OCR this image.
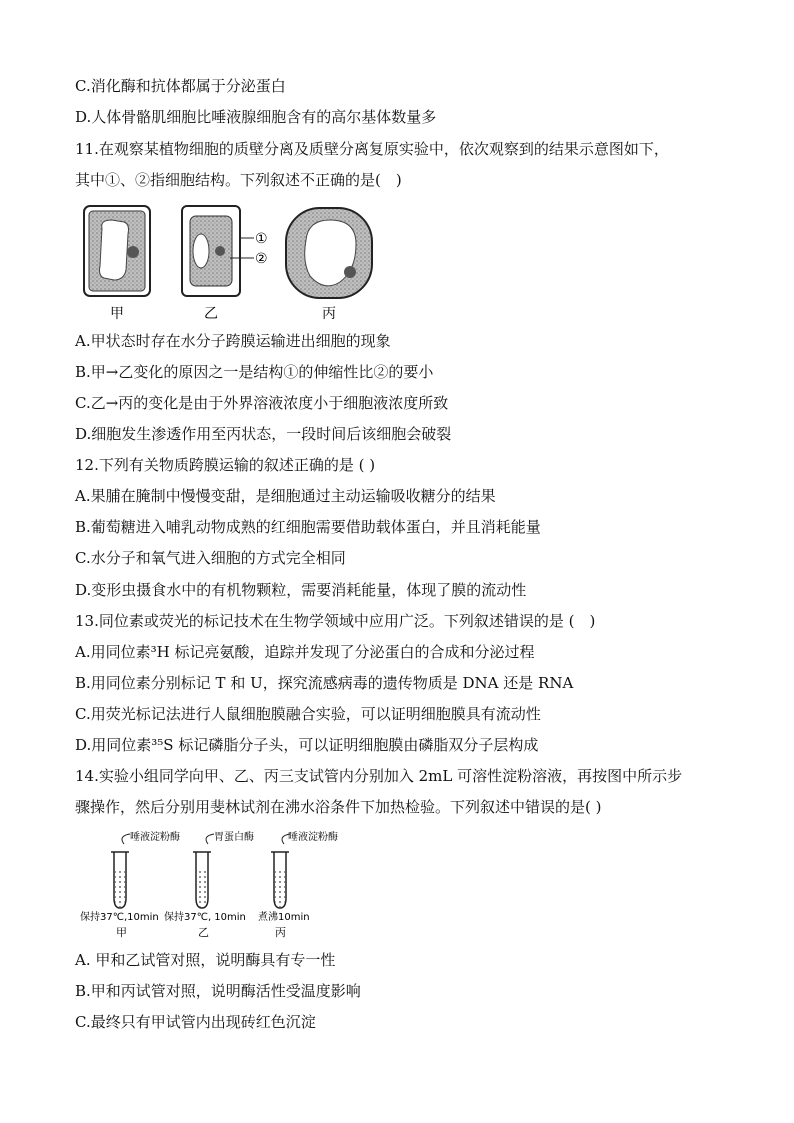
C.消化酶和抗体都属于分泌蛋白
D.人体骨骼肌细胞比唾液腺细胞含有的高尔基体数量多
11.在观察某植物细胞的质壁分离及质壁分离复原实验中，依次观察到的结果示意图如下，
其中①、②指细胞结构。下列叙述不正确的是(　)
①
②
甲	乙	丙
A.甲状态时存在水分子跨膜运输进出细胞的现象
B.甲→乙变化的原因之一是结构①的伸缩性比②的要小
C.乙→丙的变化是由于外界溶液浓度小于细胞液浓度所致
D.细胞发生渗透作用至丙状态，一段时间后该细胞会破裂
12.下列有关物质跨膜运输的叙述正确的是 ( )
A.果脯在腌制中慢慢变甜，是细胞通过主动运输吸收糖分的结果
B.葡萄糖进入哺乳动物成熟的红细胞需要借助载体蛋白，并且消耗能量
C.水分子和氧气进入细胞的方式完全相同
D.变形虫摄食水中的有机物颗粒，需要消耗能量，体现了膜的流动性
13.同位素或荧光的标记技术在生物学领域中应用广泛。下列叙述错误的是 (　)
A.用同位素³H 标记亮氨酸，追踪并发现了分泌蛋白的合成和分泌过程
B.用同位素分别标记 T 和 U，探究流感病毒的遗传物质是 DNA 还是 RNA
C.用荧光标记法进行人鼠细胞膜融合实验，可以证明细胞膜具有流动性
D.用同位素³⁵S 标记磷脂分子头，可以证明细胞膜由磷脂双分子层构成
14.实验小组同学向甲、乙、丙三支试管内分别加入 2mL 可溶性淀粉溶液，再按图中所示步
骤操作，然后分别用斐林试剂在沸水浴条件下加热检验。下列叙述中错误的是( )
唾液淀粉酶
保持37℃,10min
甲
胃蛋白酶
保持37℃, 10min
乙
唾液淀粉酶
煮沸10min
丙
A. 甲和乙试管对照，说明酶具有专一性
B.甲和丙试管对照，说明酶活性受温度影响
C.最终只有甲试管内出现砖红色沉淀
